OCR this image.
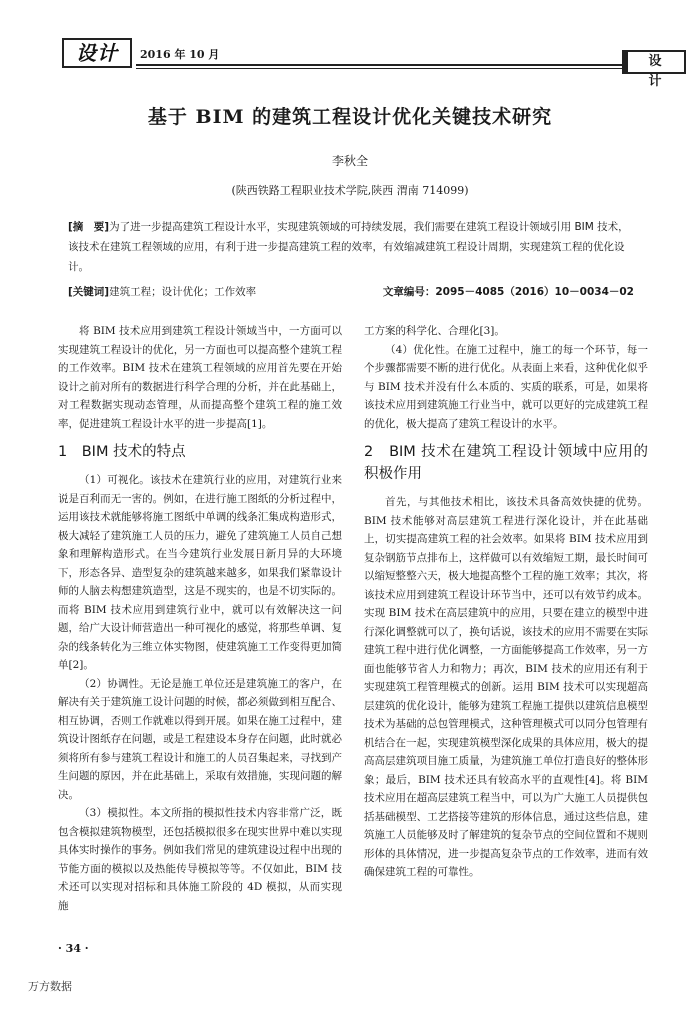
设计	2016 年 10 月	设 计
基于 BIM 的建筑工程设计优化关键技术研究
李秋全
(陕西铁路工程职业技术学院,陕西 渭南 714099)
[摘　要]为了进一步提高建筑工程设计水平，实现建筑领域的可持续发展，我们需要在建筑工程设计领域引用 BIM 技术，该技术在建筑工程领域的应用，有利于进一步提高建筑工程的效率，有效缩减建筑工程设计周期，实现建筑工程的优化设计。
[关键词]建筑工程；设计优化；工作效率	文章编号：2095－4085（2016）10－0034－02

将 BIM 技术应用到建筑工程设计领域当中，一方面可以实现建筑工程设计的优化，另一方面也可以提高整个建筑工程的工作效率。BIM 技术在建筑工程领域的应用首先要在开始设计之前对所有的数据进行科学合理的分析，并在此基础上，对工程数据实现动态管理，从而提高整个建筑工程的施工效率，促进建筑工程设计水平的进一步提高[1]。

1　BIM 技术的特点

（1）可视化。该技术在建筑行业的应用，对建筑行业来说是百利而无一害的。例如，在进行施工图纸的分析过程中，运用该技术就能够将施工图纸中单调的线条汇集成构造形式，极大减轻了建筑施工人员的压力，避免了建筑施工人员自己想象和理解构造形式。在当今建筑行业发展日新月异的大环境下，形态各异、造型复杂的建筑越来越多，如果我们紧靠设计师的人脑去构想建筑造型，这是不现实的，也是不切实际的。而将 BIM 技术应用到建筑行业中，就可以有效解决这一问题，给广大设计师营造出一种可视化的感觉，将那些单调、复杂的线条转化为三维立体实物图，使建筑施工工作变得更加简单[2]。

（2）协调性。无论是施工单位还是建筑施工的客户，在解决有关于建筑施工设计问题的时候，都必须做到相互配合、相互协调，否则工作就难以得到开展。如果在施工过程中，建筑设计图纸存在问题，或是工程建设本身存在问题，此时就必须将所有参与建筑工程设计和施工的人员召集起来，寻找到产生问题的原因，并在此基础上，采取有效措施，实现问题的解决。

（3）模拟性。本文所指的模拟性技术内容非常广泛，既包含模拟建筑物模型，还包括模拟很多在现实世界中难以实现具体实时操作的事务。例如我们常见的建筑建设过程中出现的节能方面的模拟以及热能传导模拟等等。不仅如此，BIM 技术还可以实现对招标和具体施工阶段的 4D 模拟，从而实现施

工方案的科学化、合理化[3]。

（4）优化性。在施工过程中，施工的每一个环节，每一个步骤都需要不断的进行优化。从表面上来看，这种优化似乎与 BIM 技术并没有什么本质的、实质的联系，可是，如果将该技术应用到建筑施工行业当中，就可以更好的完成建筑工程的优化，极大提高了建筑工程设计的水平。

2　BIM 技术在建筑工程设计领域中应用的积极作用

首先，与其他技术相比，该技术具备高效快捷的优势。BIM 技术能够对高层建筑工程进行深化设计，并在此基础上，切实提高建筑工程的社会效率。如果将 BIM 技术应用到复杂钢筋节点排布上，这样做可以有效缩短工期，最长时间可以缩短整整六天，极大地提高整个工程的施工效率；其次，将该技术应用到建筑工程设计环节当中，还可以有效节约成本。实现 BIM 技术在高层建筑中的应用，只要在建立的模型中进行深化调整就可以了，换句话说，该技术的应用不需要在实际建筑工程中进行优化调整，一方面能够提高工作效率，另一方面也能够节省人力和物力；再次，BIM 技术的应用还有利于实现建筑工程管理模式的创新。运用 BIM 技术可以实现超高层建筑的优化设计，能够为建筑工程施工提供以建筑信息模型技术为基础的总包管理模式，这种管理模式可以同分包管理有机结合在一起，实现建筑模型深化成果的具体应用，极大的提高高层建筑项目施工质量，为建筑施工单位打造良好的整体形象；最后，BIM 技术还具有较高水平的直观性[4]。将 BIM 技术应用在超高层建筑工程当中，可以为广大施工人员提供包括基础模型、工艺搭接等建筑的形体信息，通过这些信息，建筑施工人员能够及时了解建筑的复杂节点的空间位置和不规则形体的具体情况，进一步提高复杂节点的工作效率，进而有效确保建筑工程的可靠性。

· 34 ·
万方数据
